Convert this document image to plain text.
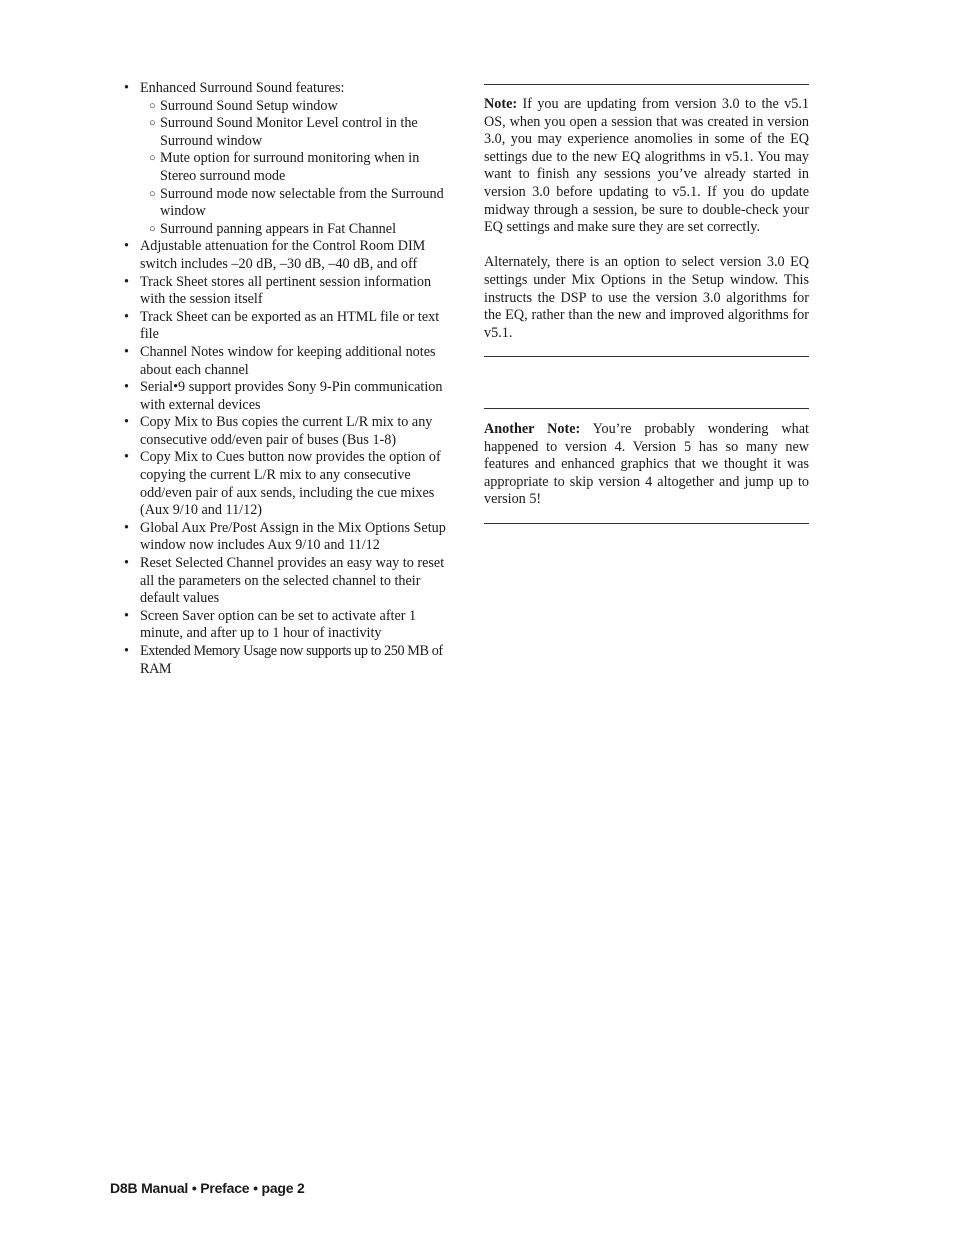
• Enhanced Surround Sound features:
○ Surround Sound Setup window
○ Surround Sound Monitor Level control in the Surround window
○ Mute option for surround monitoring when in Stereo surround mode
○ Surround mode now selectable from the Surround window
○ Surround panning appears in Fat Channel
• Adjustable attenuation for the Control Room DIM switch includes –20 dB, –30 dB, –40 dB, and off
• Track Sheet stores all pertinent session information with the session itself
• Track Sheet can be exported as an HTML file or text file
• Channel Notes window for keeping additional notes about each channel
• Serial•9 support provides Sony 9-Pin communication with external devices
• Copy Mix to Bus copies the current L/R mix to any consecutive odd/even pair of buses (Bus 1-8)
• Copy Mix to Cues button now provides the option of copying the current L/R mix to any consecutive odd/even pair of aux sends, including the cue mixes (Aux 9/10 and 11/12)
• Global Aux Pre/Post Assign in the Mix Options Setup window now includes Aux 9/10 and 11/12
• Reset Selected Channel provides an easy way to reset all the parameters on the selected channel to their default values
• Screen Saver option can be set to activate after 1 minute, and after up to 1 hour of inactivity
• Extended Memory Usage now supports up to 250 MB of RAM

Note: If you are updating from version 3.0 to the v5.1 OS, when you open a session that was created in version 3.0, you may experience anomolies in some of the EQ settings due to the new EQ alogrithms in v5.1. You may want to finish any sessions you’ve already started in version 3.0 before updating to v5.1. If you do update midway through a session, be sure to double-check your EQ settings and make sure they are set correctly.

Alternately, there is an option to select version 3.0 EQ settings under Mix Options in the Setup window. This instructs the DSP to use the version 3.0 algorithms for the EQ, rather than the new and improved algorithms for v5.1.

Another Note: You’re probably wondering what happened to version 4. Version 5 has so many new features and enhanced graphics that we thought it was appropriate to skip version 4 altogether and jump up to version 5!

D8B Manual • Preface • page 2
